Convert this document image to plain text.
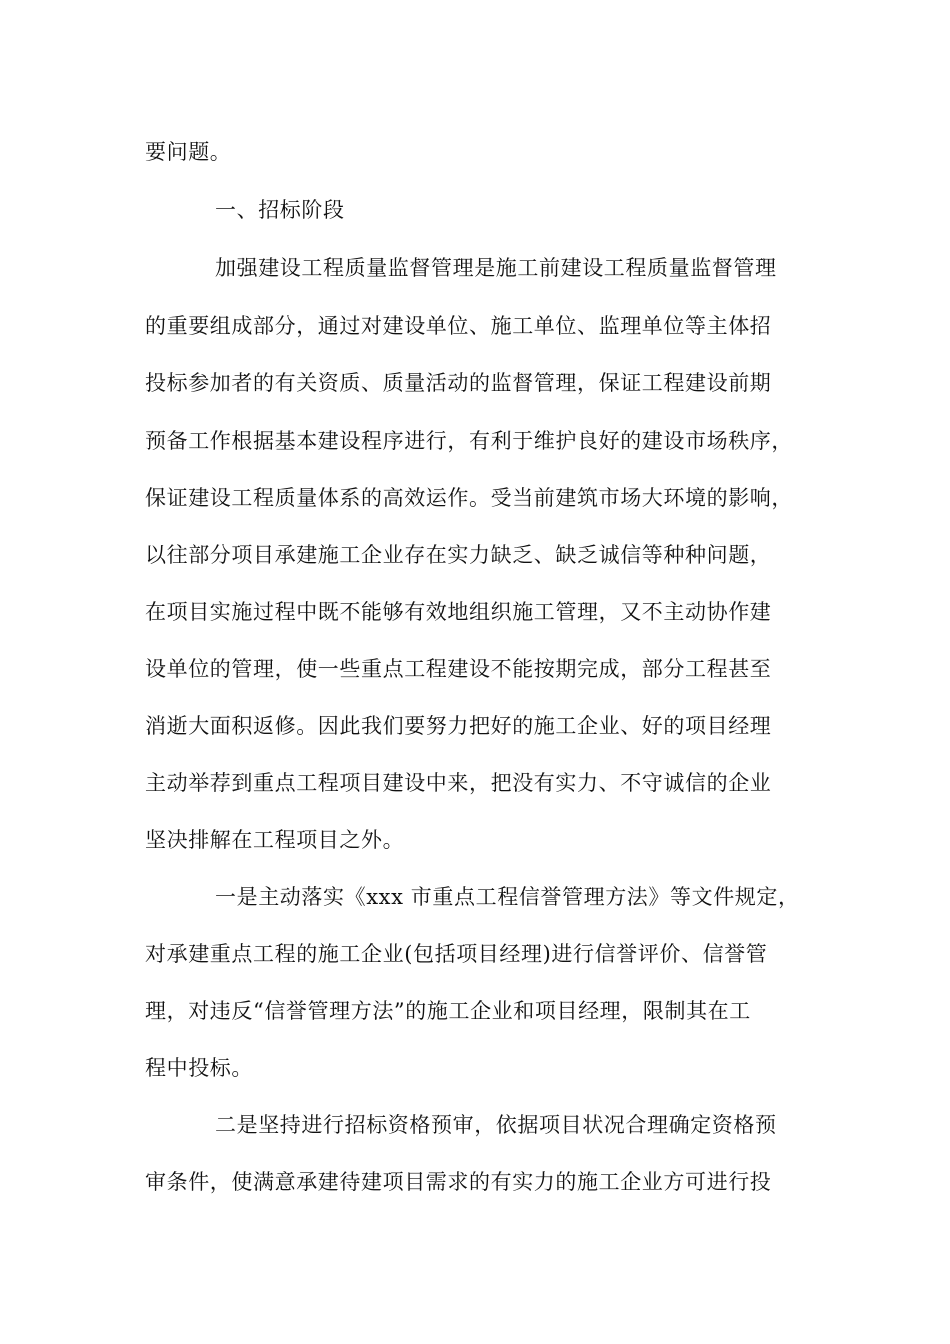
要问题。
一、招标阶段
加强建设工程质量监督管理是施工前建设工程质量监督管理
的重要组成部分，通过对建设单位、施工单位、监理单位等主体招
投标参加者的有关资质、质量活动的监督管理，保证工程建设前期
预备工作根据基本建设程序进行，有利于维护良好的建设市场秩序，
保证建设工程质量体系的高效运作。受当前建筑市场大环境的影响，
以往部分项目承建施工企业存在实力缺乏、缺乏诚信等种种问题，
在项目实施过程中既不能够有效地组织施工管理，又不主动协作建
设单位的管理，使一些重点工程建设不能按期完成，部分工程甚至
消逝大面积返修。因此我们要努力把好的施工企业、好的项目经理
主动举荐到重点工程项目建设中来，把没有实力、不守诚信的企业
坚决排解在工程项目之外。
一是主动落实《xxx 市重点工程信誉管理方法》等文件规定，
对承建重点工程的施工企业(包括项目经理)进行信誉评价、信誉管
理，对违反“信誉管理方法”的施工企业和项目经理，限制其在工
程中投标。
二是坚持进行招标资格预审，依据项目状况合理确定资格预
审条件，使满意承建待建项目需求的有实力的施工企业方可进行投
